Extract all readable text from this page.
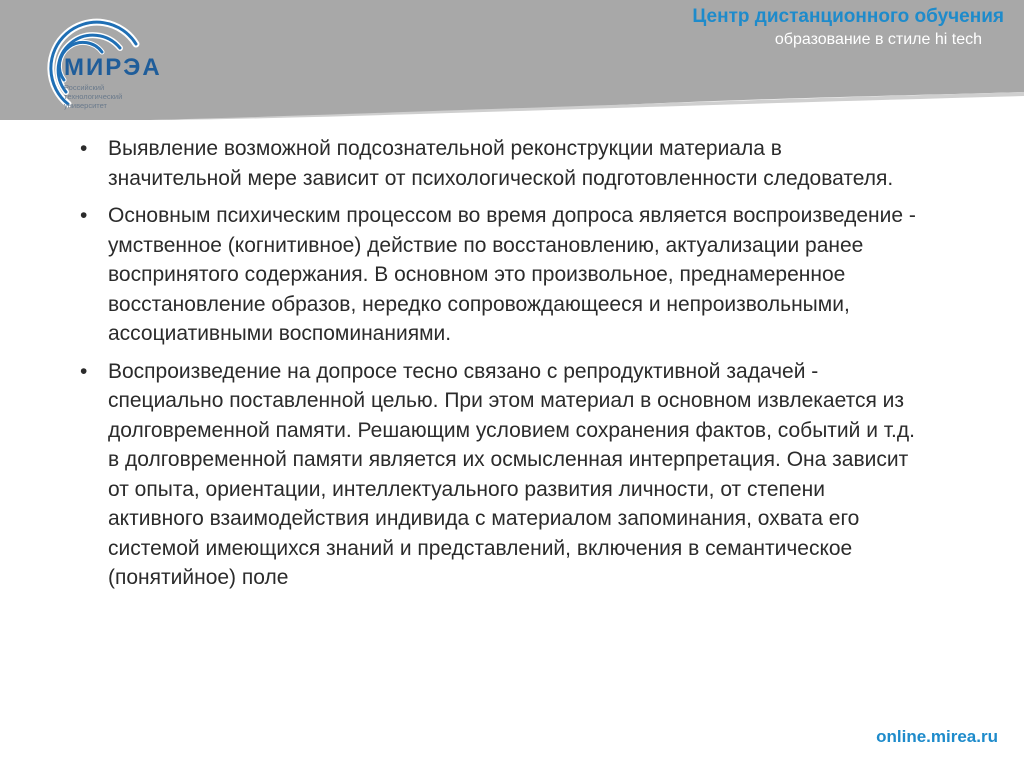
МИРЭА
Российский технологический университет
Центр дистанционного обучения
образование в стиле hi tech

• Выявление возможной подсознательной реконструкции материала в значительной мере зависит от психологической подготовленности следователя.

• Основным психическим процессом во время допроса является воспроизведение - умственное (когнитивное) действие по восстановлению, актуализации ранее воспринятого содержания. В основном это произвольное, преднамеренное восстановление образов, нередко сопровождающееся и непроизвольными, ассоциативными воспоминаниями.

• Воспроизведение на допросе тесно связано с репродуктивной задачей - специально поставленной целью. При этом материал в основном извлекается из долговременной памяти. Решающим условием сохранения фактов, событий и т.д. в долговременной памяти является их осмысленная интерпретация. Она зависит от опыта, ориентации, интеллектуального развития личности, от степени активного взаимодействия индивида с материалом запоминания, охвата его системой имеющихся знаний и представлений, включения в семантическое (понятийное) поле

online.mirea.ru
